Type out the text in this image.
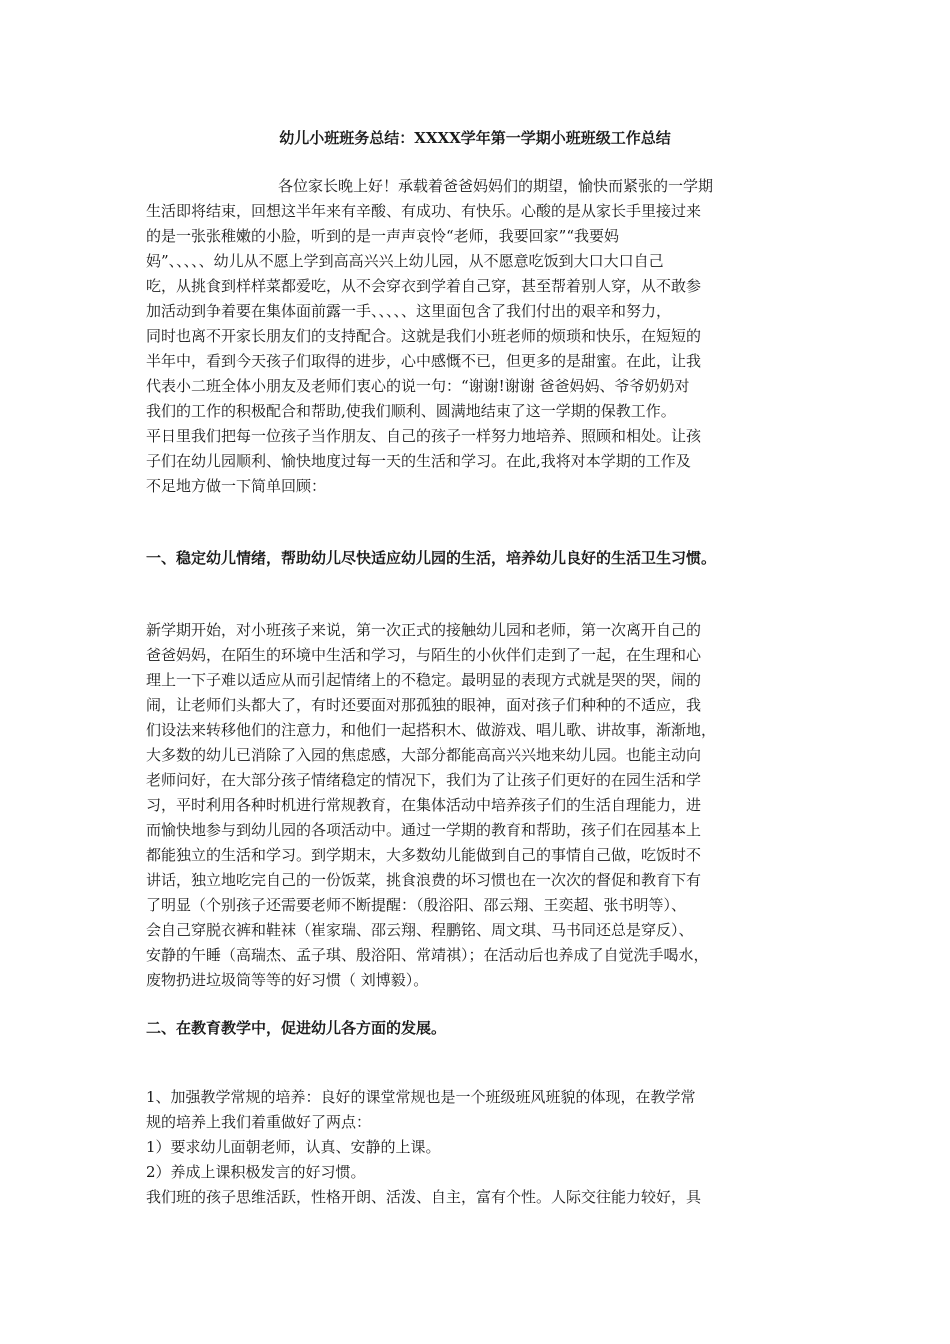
幼儿小班班务总结：XXXX学年第一学期小班班级工作总结
各位家长晚上好！承载着爸爸妈妈们的期望，愉快而紧张的一学期
生活即将结束，回想这半年来有辛酸、有成功、有快乐。心酸的是从家长手里接过来
的是一张张稚嫩的小脸，听到的是一声声哀怜“老师，我要回家”“我要妈
妈”、、、、、幼儿从不愿上学到高高兴兴上幼儿园，从不愿意吃饭到大口大口自己
吃，从挑食到样样菜都爱吃，从不会穿衣到学着自己穿，甚至帮着别人穿，从不敢参
加活动到争着要在集体面前露一手、、、、、这里面包含了我们付出的艰辛和努力，
同时也离不开家长朋友们的支持配合。这就是我们小班老师的烦琐和快乐，在短短的
半年中，看到今天孩子们取得的进步，心中感慨不已，但更多的是甜蜜。在此，让我
代表小二班全体小朋友及老师们衷心的说一句：“谢谢!谢谢 爸爸妈妈、爷爷奶奶对
我们的工作的积极配合和帮助,使我们顺利、圆满地结束了这一学期的保教工作。
平日里我们把每一位孩子当作朋友、自己的孩子一样努力地培养、照顾和相处。让孩
子们在幼儿园顺利、愉快地度过每一天的生活和学习。在此,我将对本学期的工作及
不足地方做一下简单回顾：
一、稳定幼儿情绪，帮助幼儿尽快适应幼儿园的生活，培养幼儿良好的生活卫生习惯。
新学期开始，对小班孩子来说，第一次正式的接触幼儿园和老师，第一次离开自己的
爸爸妈妈，在陌生的环境中生活和学习，与陌生的小伙伴们走到了一起，在生理和心
理上一下子难以适应从而引起情绪上的不稳定。最明显的表现方式就是哭的哭，闹的
闹，让老师们头都大了，有时还要面对那孤独的眼神，面对孩子们种种的不适应，我
们设法来转移他们的注意力，和他们一起搭积木、做游戏、唱儿歌、讲故事，渐渐地，
大多数的幼儿已消除了入园的焦虑感，大部分都能高高兴兴地来幼儿园。也能主动向
老师问好，在大部分孩子情绪稳定的情况下，我们为了让孩子们更好的在园生活和学
习，平时利用各种时机进行常规教育，在集体活动中培养孩子们的生活自理能力，进
而愉快地参与到幼儿园的各项活动中。通过一学期的教育和帮助，孩子们在园基本上
都能独立的生活和学习。到学期末，大多数幼儿能做到自己的事情自己做，吃饭时不
讲话，独立地吃完自己的一份饭菜，挑食浪费的坏习惯也在一次次的督促和教育下有
了明显（个别孩子还需要老师不断提醒：（殷浴阳、邵云翔、王奕超、张书明等）、
会自己穿脱衣裤和鞋袜（崔家瑞、邵云翔、程鹏铭、周文琪、马书同还总是穿反）、
安静的午睡（高瑞杰、孟子琪、殷浴阳、常靖祺）；在活动后也养成了自觉洗手喝水，
废物扔进垃圾筒等等的好习惯（ 刘博毅）。
二、在教育教学中，促进幼儿各方面的发展。
1、加强教学常规的培养：良好的课堂常规也是一个班级班风班貌的体现，在教学常
规的培养上我们着重做好了两点：
1）要求幼儿面朝老师，认真、安静的上课。
2）养成上课积极发言的好习惯。
我们班的孩子思维活跃，性格开朗、活泼、自主，富有个性。人际交往能力较好，具
